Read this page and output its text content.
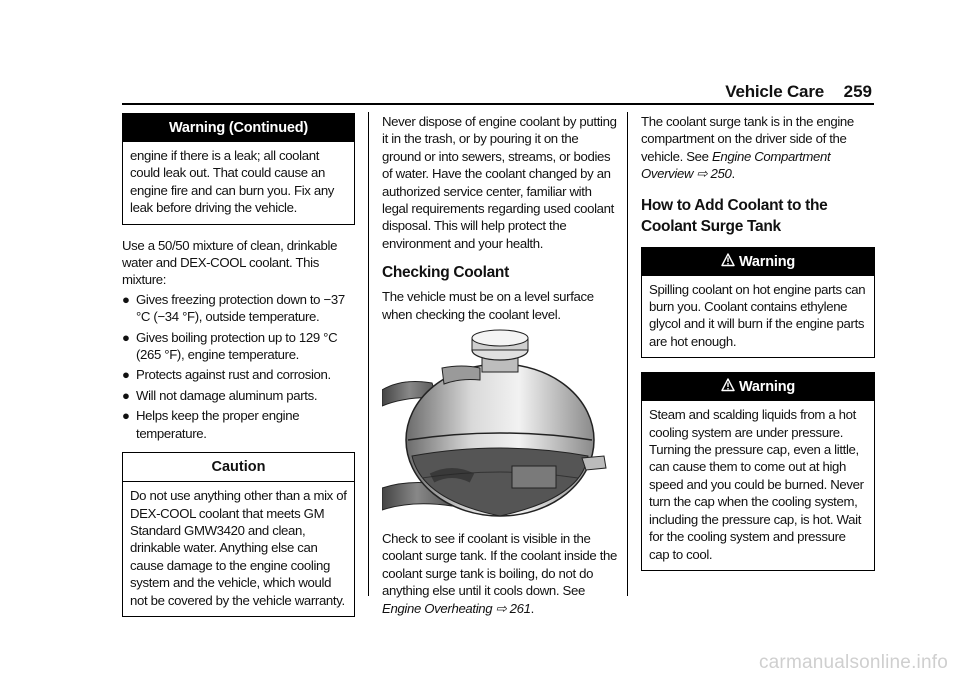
Vehicle Care 259
Warning (Continued)

engine if there is a leak; all coolant could leak out. That could cause an engine fire and can burn you. Fix any leak before driving the vehicle.

Use a 50/50 mixture of clean, drinkable water and DEX-COOL coolant. This mixture:

● Gives freezing protection down to −37 °C (−34 °F), outside temperature.
● Gives boiling protection up to 129 °C (265 °F), engine temperature.
● Protects against rust and corrosion.
● Will not damage aluminum parts.
● Helps keep the proper engine temperature.
Caution

Do not use anything other than a mix of DEX-COOL coolant that meets GM Standard GMW3420 and clean, drinkable water. Anything else can cause damage to the engine cooling system and the vehicle, which would not be covered by the vehicle warranty.

Never dispose of engine coolant by putting it in the trash, or by pouring it on the ground or into sewers, streams, or bodies of water. Have the coolant changed by an authorized service center, familiar with legal requirements regarding used coolant disposal. This will help protect the environment and your health.

Checking Coolant

The vehicle must be on a level surface when checking the coolant level.

Check to see if coolant is visible in the coolant surge tank. If the coolant inside the coolant surge tank is boiling, do not do anything else until it cools down. See Engine Overheating ⇨ 261.

The coolant surge tank is in the engine compartment on the driver side of the vehicle. See Engine Compartment Overview ⇨ 250.

How to Add Coolant to the Coolant Surge Tank
Warning

Spilling coolant on hot engine parts can burn you. Coolant contains ethylene glycol and it will burn if the engine parts are hot enough.

Warning

Steam and scalding liquids from a hot cooling system are under pressure. Turning the pressure cap, even a little, can cause them to come out at high speed and you could be burned. Never turn the cap when the cooling system, including the pressure cap, is hot. Wait for the cooling system and pressure cap to cool.

carmanualsonline.info
